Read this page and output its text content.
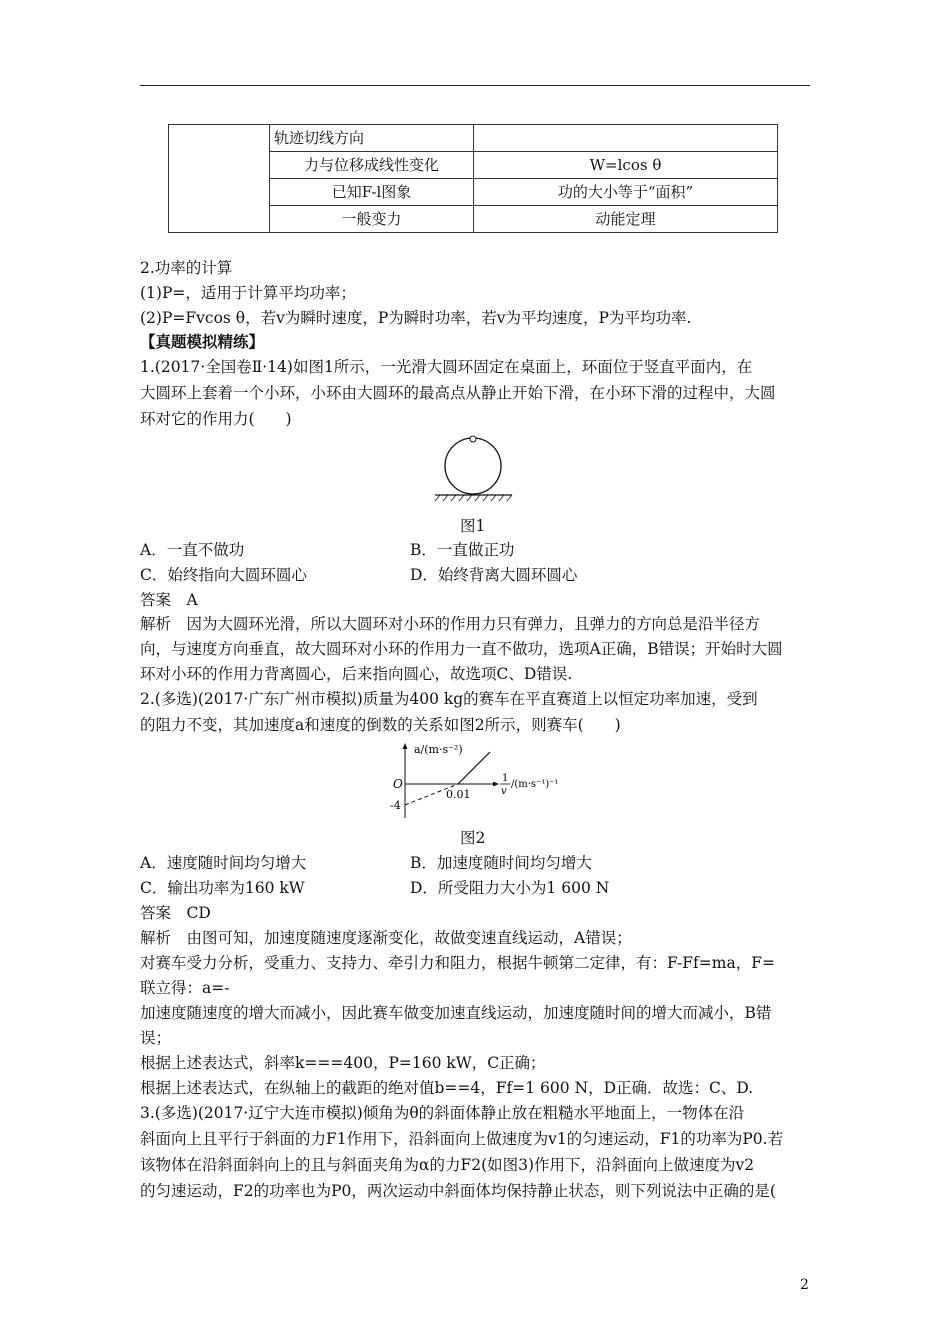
	轨迹切线方向	
	力与位移成线性变化	W=lcos θ
	已知F-l图象	功的大小等于“面积”
	一般变力	动能定理
2.功率的计算
(1)P=，适用于计算平均功率；
(2)P=Fvcos θ，若v为瞬时速度，P为瞬时功率，若v为平均速度，P为平均功率.
【真题模拟精练】
1.(2017·全国卷Ⅱ·14)如图1所示，一光滑大圆环固定在桌面上，环面位于竖直平面内，在
大圆环上套着一个小环，小环由大圆环的最高点从静止开始下滑，在小环下滑的过程中，大圆
环对它的作用力(　　)
图1
A．一直不做功	B．一直做正功
C．始终指向大圆环圆心	D．始终背离大圆环圆心
答案　A
解析　因为大圆环光滑，所以大圆环对小环的作用力只有弹力，且弹力的方向总是沿半径方
向，与速度方向垂直，故大圆环对小环的作用力一直不做功，选项A正确，B错误；开始时大圆
环对小环的作用力背离圆心，后来指向圆心，故选项C、D错误.
2.(多选)(2017·广东广州市模拟)质量为400 kg的赛车在平直赛道上以恒定功率加速，受到
的阻力不变，其加速度a和速度的倒数的关系如图2所示，则赛车(　　)
a/(m·s⁻²)
O
-4
0.01
1
v
/(m·s⁻¹)⁻¹
图2
A．速度随时间均匀增大	B．加速度随时间均匀增大
C．输出功率为160 kW	D．所受阻力大小为1 600 N
答案　CD
解析　由图可知，加速度随速度逐渐变化，故做变速直线运动，A错误；
对赛车受力分析，受重力、支持力、牵引力和阻力，根据牛顿第二定律，有：F-Ff=ma，F=
联立得：a=-
加速度随速度的增大而减小，因此赛车做变加速直线运动，加速度随时间的增大而减小，B错
误；
根据上述表达式，斜率k===400，P=160 kW，C正确；
根据上述表达式，在纵轴上的截距的绝对值b==4，Ff=1 600 N，D正确．故选：C、D.
3.(多选)(2017·辽宁大连市模拟)倾角为θ的斜面体静止放在粗糙水平地面上，一物体在沿
斜面向上且平行于斜面的力F1作用下，沿斜面向上做速度为v1的匀速运动，F1的功率为P0.若
该物体在沿斜面斜向上的且与斜面夹角为α的力F2(如图3)作用下，沿斜面向上做速度为v2
的匀速运动，F2的功率也为P0，两次运动中斜面体均保持静止状态，则下列说法中正确的是(
2
